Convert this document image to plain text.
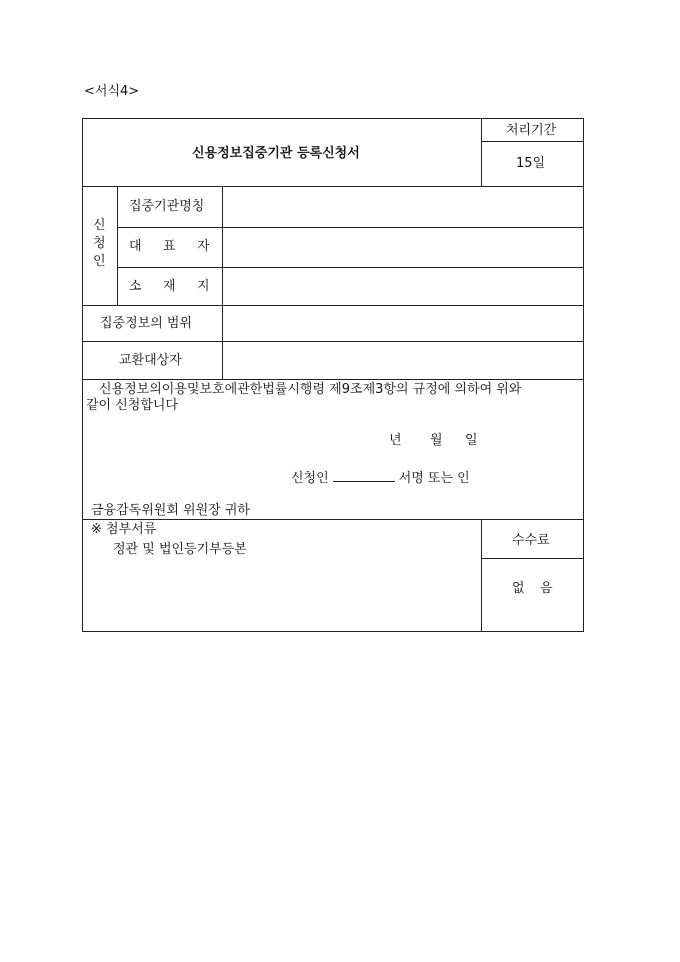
<서식4>
신용정보집중기관 등록신청서
처리기간
15일
신
청
인
집중기관명칭
대 표 자
소 재 지
집중정보의 범위
교환대상자
신용정보의이용및보호에관한법률시행령 제9조제3항의 규정에 의하여 위와
같이 신청합니다
년 월 일
신청인	서명 또는 인
금융감독위원회 위원장 귀하
※ 첨부서류
정관 및 법인등기부등본
수수료
없 음
